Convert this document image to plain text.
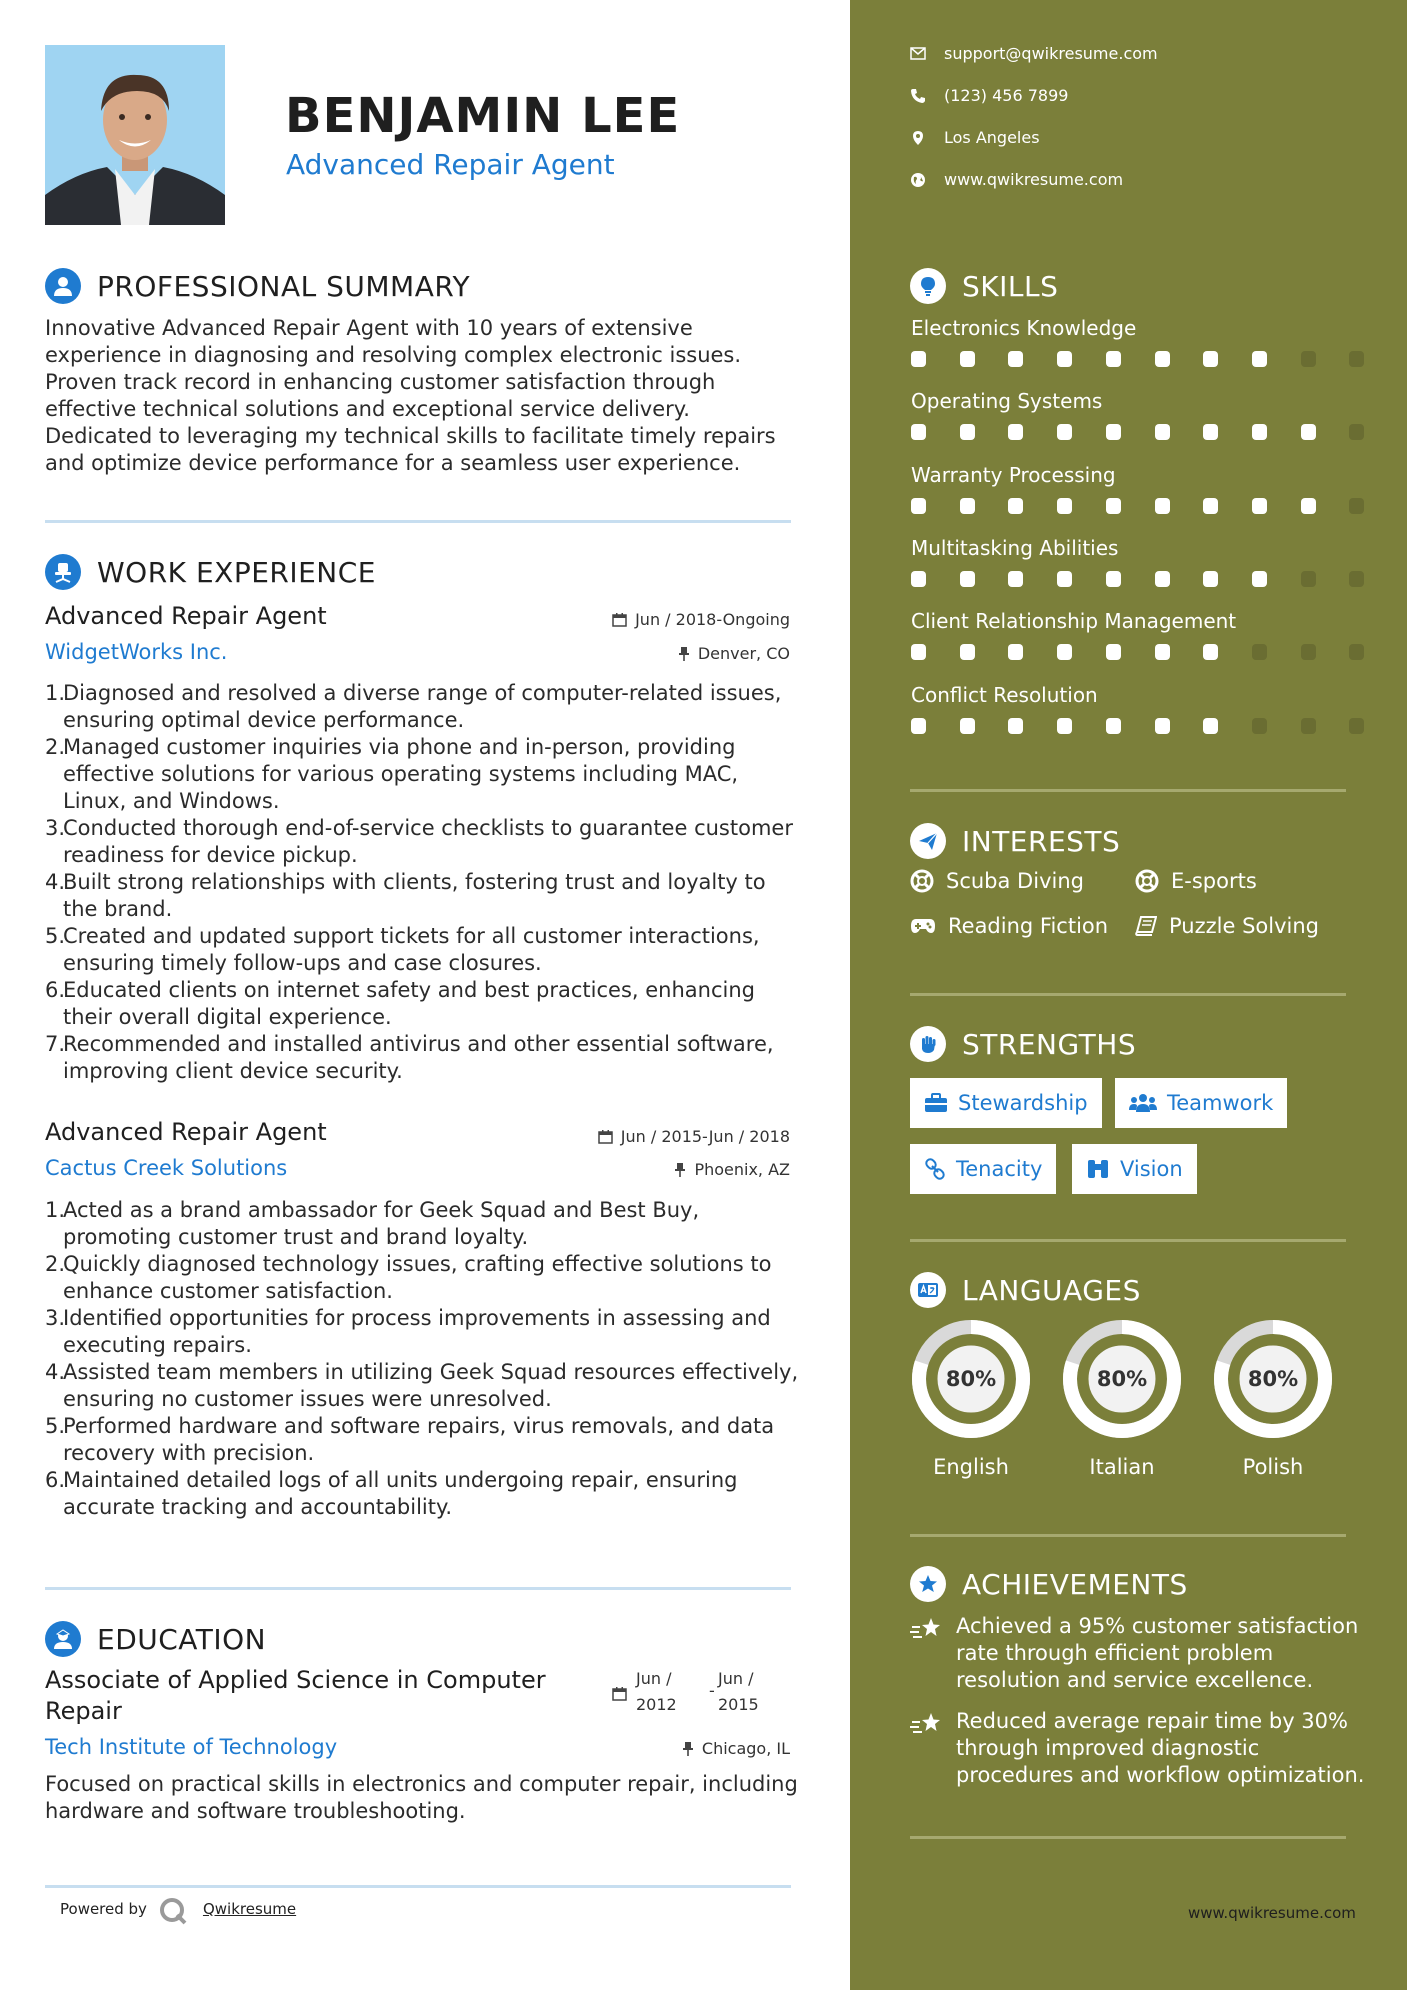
BENJAMIN LEE
Advanced Repair Agent
PROFESSIONAL SUMMARY
Innovative Advanced Repair Agent with 10 years of extensive experience in diagnosing and resolving complex electronic issues. Proven track record in enhancing customer satisfaction through effective technical solutions and exceptional service delivery. Dedicated to leveraging my technical skills to facilitate timely repairs and optimize device performance for a seamless user experience.
WORK EXPERIENCE
Advanced Repair Agent	Jun / 2018-Ongoing
WidgetWorks Inc.	Denver, CO
1.
Diagnosed and resolved a diverse range of computer-related issues, ensuring optimal device performance.
2.
Managed customer inquiries via phone and in-person, providing effective solutions for various operating systems including MAC, Linux, and Windows.
3.
Conducted thorough end-of-service checklists to guarantee customer readiness for device pickup.
4.
Built strong relationships with clients, fostering trust and loyalty to the brand.
5.
Created and updated support tickets for all customer interactions, ensuring timely follow-ups and case closures.
6.
Educated clients on internet safety and best practices, enhancing their overall digital experience.
7.
Recommended and installed antivirus and other essential software, improving client device security.
Advanced Repair Agent	Jun / 2015-Jun / 2018
Cactus Creek Solutions	Phoenix, AZ
1.
Acted as a brand ambassador for Geek Squad and Best Buy, promoting customer trust and brand loyalty.
2.
Quickly diagnosed technology issues, crafting effective solutions to enhance customer satisfaction.
3.
Identified opportunities for process improvements in assessing and executing repairs.
4.
Assisted team members in utilizing Geek Squad resources effectively, ensuring no customer issues were unresolved.
5.
Performed hardware and software repairs, virus removals, and data recovery with precision.
6.
Maintained detailed logs of all units undergoing repair, ensuring accurate tracking and accountability.
EDUCATION
Associate of Applied Science in Computer Repair
Jun /
2012
-
Jun /
2015
Tech Institute of Technology	Chicago, IL
Focused on practical skills in electronics and computer repair, including hardware and software troubleshooting.
Powered by	Qwikresume
support@qwikresume.com
(123) 456 7899
Los Angeles
www.qwikresume.com
SKILLS
Electronics Knowledge
Operating Systems
Warranty Processing
Multitasking Abilities
Client Relationship Management
Conflict Resolution
INTERESTS
Scuba Diving	E-sports
Reading Fiction	Puzzle Solving
STRENGTHS
Stewardship	Teamwork
Tenacity	Vision
LANGUAGES
80%
English
80%
Italian
80%
Polish
ACHIEVEMENTS
Achieved a 95% customer satisfaction rate through efficient problem resolution and service excellence.
Reduced average repair time by 30% through improved diagnostic procedures and workflow optimization.
www.qwikresume.com
